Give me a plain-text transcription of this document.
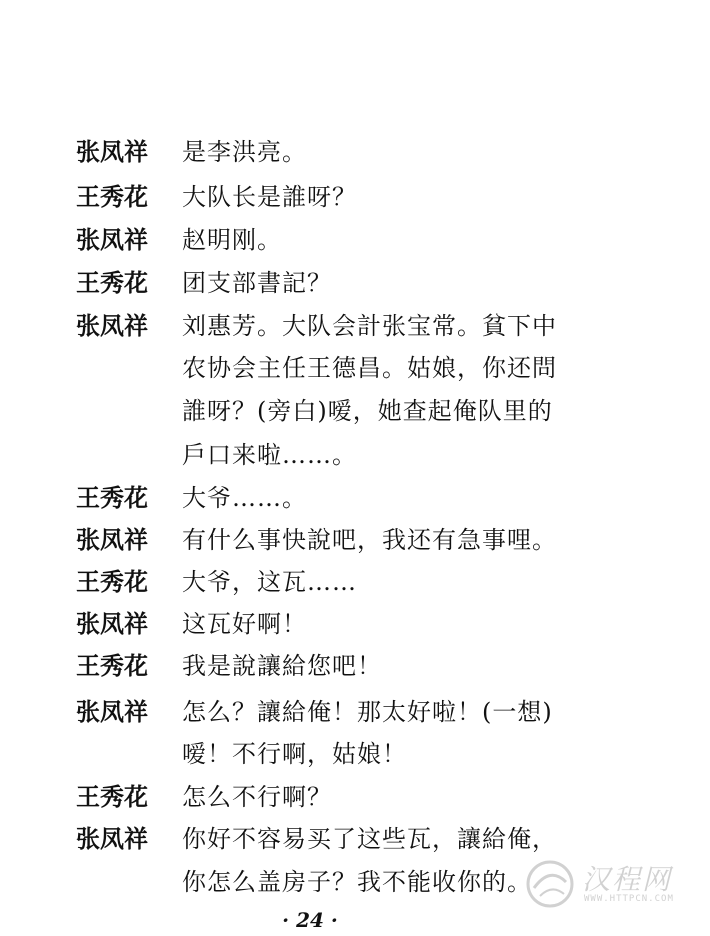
张凤祥	是李洪亮。
王秀花	大队长是誰呀？
张凤祥	赵明刚。
王秀花	团支部書記？
张凤祥	刘惠芳。大队会計张宝常。貧下中
农协会主任王德昌。姑娘，你还問
誰呀？(旁白)嗳，她查起俺队里的
戶口来啦……。
王秀花	大爷……。
张凤祥	有什么事快說吧，我还有急事哩。
王秀花	大爷，这瓦……
张凤祥	这瓦好啊！
王秀花	我是說讓給您吧！
张凤祥	怎么？讓給俺！那太好啦！(一想)
嗳！不行啊，姑娘！
王秀花	怎么不行啊？
张凤祥	你好不容易买了这些瓦，讓給俺，
你怎么盖房子？我不能收你的。
· 24 ·
汉程网
WWW.HTTPCN.COM
